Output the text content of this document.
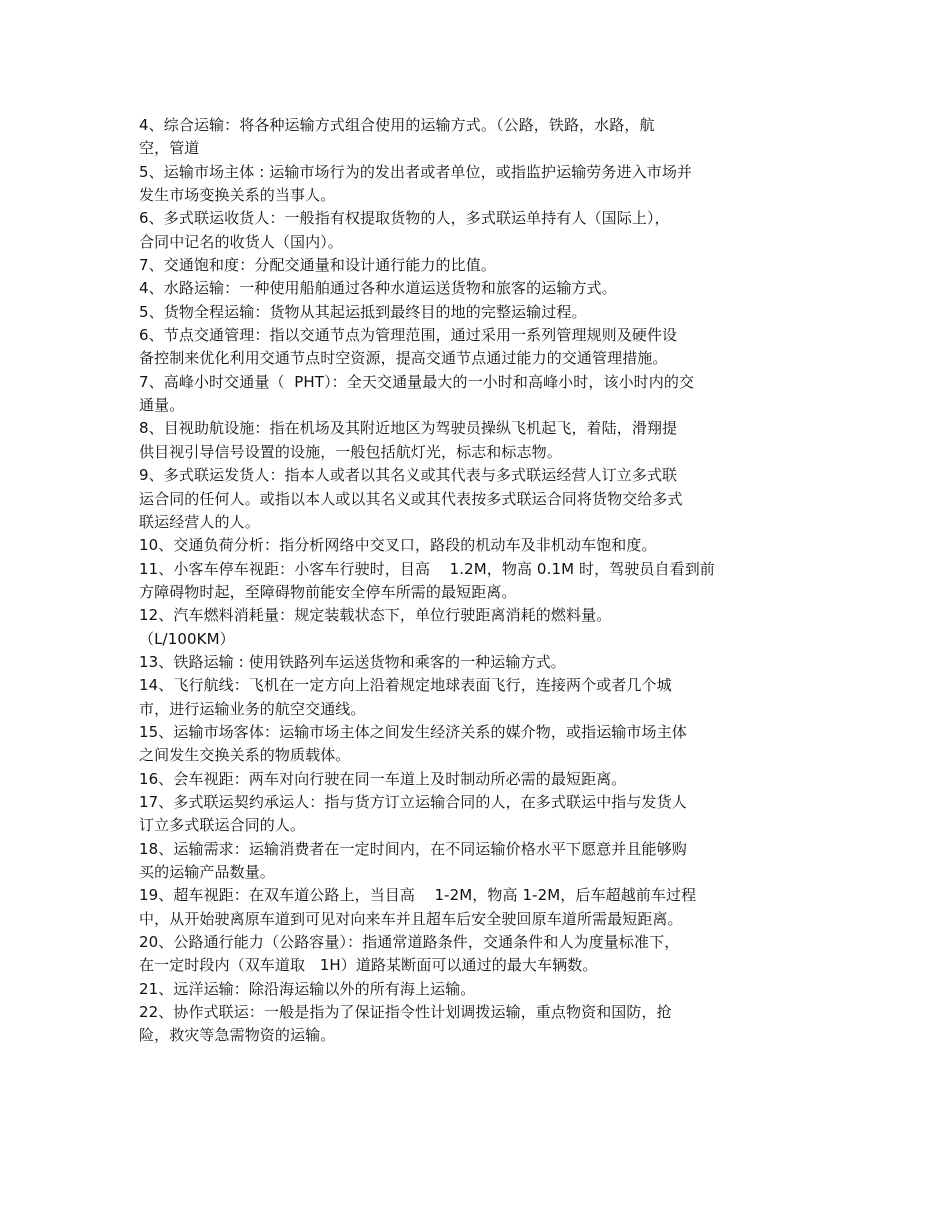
4、综合运输：将各种运输方式组合使用的运输方式。（公路，铁路，水路，航
空，管道
5、运输市场主体 : 运输市场行为的发出者或者单位，或指监护运输劳务进入市场并
发生市场变换关系的当事人。
6、多式联运收货人：一般指有权提取货物的人，多式联运单持有人（国际上），
合同中记名的收货人（国内）。
7、交通饱和度：分配交通量和设计通行能力的比值。
4、水路运输：一种使用船舶通过各种水道运送货物和旅客的运输方式。
5、货物全程运输：货物从其起运抵到最终目的地的完整运输过程。
6、节点交通管理：指以交通节点为管理范围，通过采用一系列管理规则及硬件设
备控制来优化利用交通节点时空资源，提高交通节点通过能力的交通管理措施。
7、高峰小时交通量（  PHT）：全天交通量最大的一小时和高峰小时，该小时内的交
通量。
8、目视助航设施：指在机场及其附近地区为驾驶员操纵飞机起飞，着陆，滑翔提
供目视引导信号设置的设施，一般包括航灯光，标志和标志物。
9、多式联运发货人：指本人或者以其名义或其代表与多式联运经营人订立多式联
运合同的任何人。或指以本人或以其名义或其代表按多式联运合同将货物交给多式
联运经营人的人。
10、交通负荷分析：指分析网络中交叉口，路段的机动车及非机动车饱和度。
11、小客车停车视距：小客车行驶时，目高    1.2M，物高 0.1M 时，驾驶员自看到前
方障碍物时起，至障碍物前能安全停车所需的最短距离。
12、汽车燃料消耗量：规定装载状态下，单位行驶距离消耗的燃料量。
（L/100KM）
13、铁路运输 : 使用铁路列车运送货物和乘客的一种运输方式。
14、飞行航线：飞机在一定方向上沿着规定地球表面飞行，连接两个或者几个城
市，进行运输业务的航空交通线。
15、运输市场客体：运输市场主体之间发生经济关系的媒介物，或指运输市场主体
之间发生交换关系的物质载体。
16、会车视距：两车对向行驶在同一车道上及时制动所必需的最短距离。
17、多式联运契约承运人：指与货方订立运输合同的人，在多式联运中指与发货人
订立多式联运合同的人。
18、运输需求：运输消费者在一定时间内，在不同运输价格水平下愿意并且能够购
买的运输产品数量。
19、超车视距：在双车道公路上，当目高    1-2M，物高 1-2M，后车超越前车过程
中，从开始驶离原车道到可见对向来车并且超车后安全驶回原车道所需最短距离。
20、公路通行能力（公路容量）：指通常道路条件，交通条件和人为度量标准下，
在一定时段内（双车道取   1H）道路某断面可以通过的最大车辆数。
21、远洋运输：除沿海运输以外的所有海上运输。
22、协作式联运：一般是指为了保证指令性计划调拨运输，重点物资和国防，抢
险，救灾等急需物资的运输。
